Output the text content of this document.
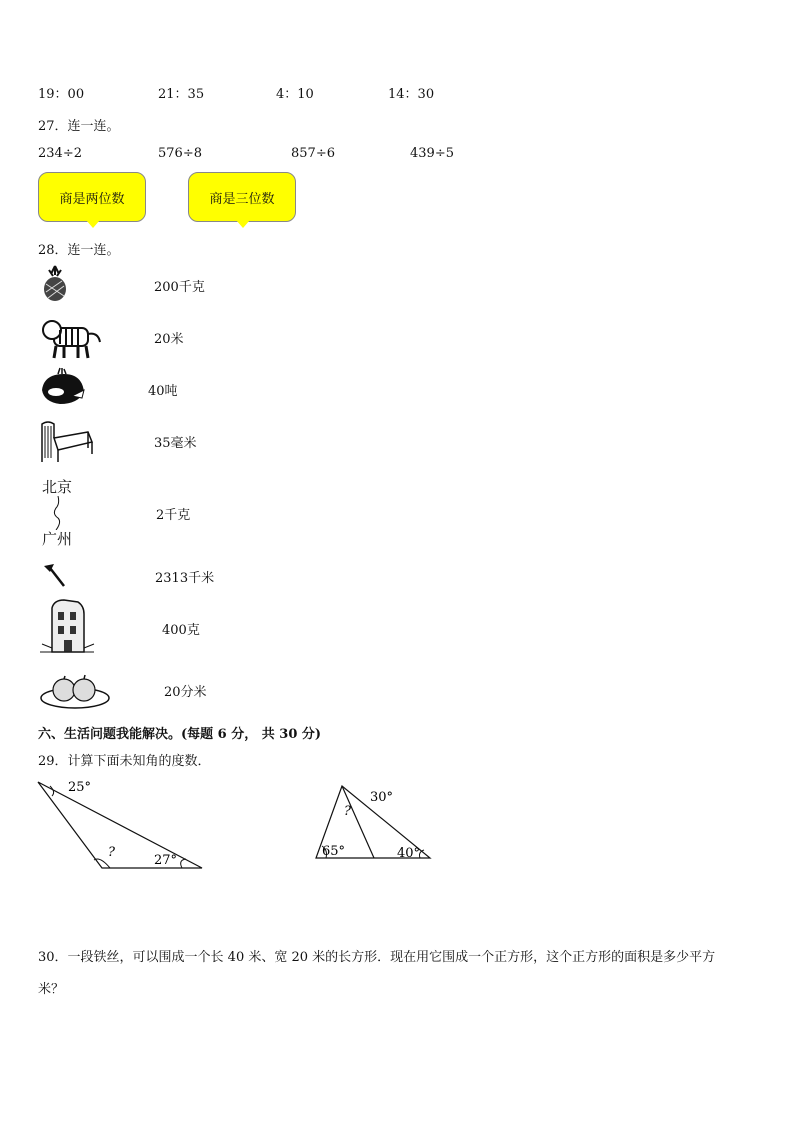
19：00	21：35	4：10	14：30
27．连一连。
234÷2	576÷8	857÷6	439÷5
商是两位数	商是三位数
28．连一连。
200千克
20米
40吨
35毫米
北京
广州
2千克
2313千米
400克
20分米
六、生活问题我能解决。(每题 6 分， 共 30 分)
29．计算下面未知角的度数．
25°
?
27°
30°
?
65°	40°
30．一段铁丝，可以围成一个长 40 米、宽 20 米的长方形．现在用它围成一个正方形，这个正方形的面积是多少平方
米？
